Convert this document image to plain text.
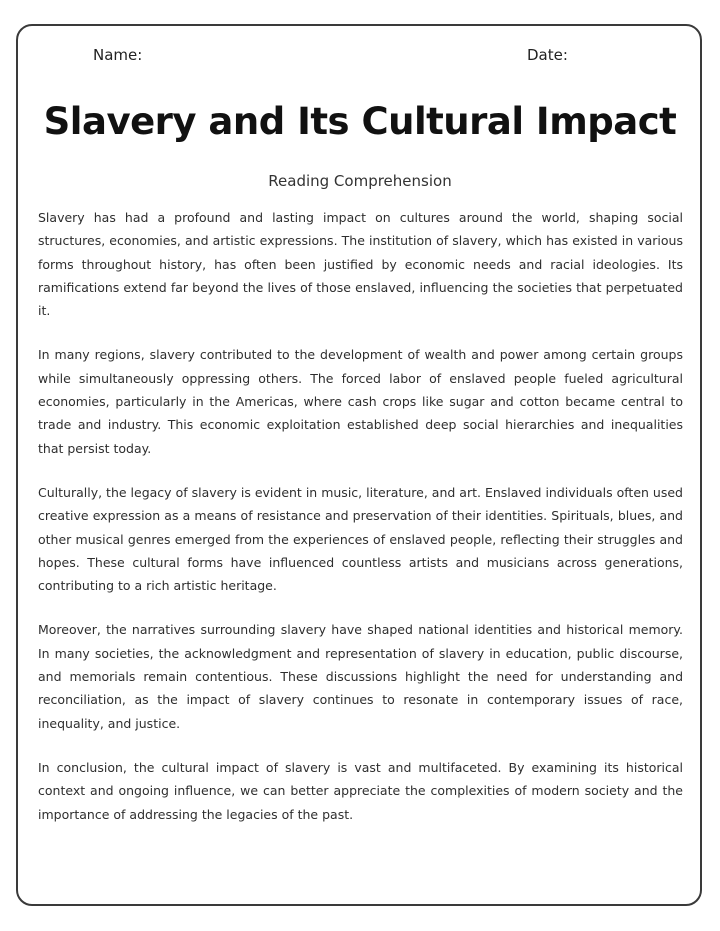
Name:	Date:
Slavery and Its Cultural Impact
Reading Comprehension

Slavery has had a profound and lasting impact on cultures around the world, shaping social structures, economies, and artistic expressions. The institution of slavery, which has existed in various forms throughout history, has often been justified by economic needs and racial ideologies. Its ramifications extend far beyond the lives of those enslaved, influencing the societies that perpetuated it.

In many regions, slavery contributed to the development of wealth and power among certain groups while simultaneously oppressing others. The forced labor of enslaved people fueled agricultural economies, particularly in the Americas, where cash crops like sugar and cotton became central to trade and industry. This economic exploitation established deep social hierarchies and inequalities that persist today.

Culturally, the legacy of slavery is evident in music, literature, and art. Enslaved individuals often used creative expression as a means of resistance and preservation of their identities. Spirituals, blues, and other musical genres emerged from the experiences of enslaved people, reflecting their struggles and hopes. These cultural forms have influenced countless artists and musicians across generations, contributing to a rich artistic heritage.

Moreover, the narratives surrounding slavery have shaped national identities and historical memory. In many societies, the acknowledgment and representation of slavery in education, public discourse, and memorials remain contentious. These discussions highlight the need for understanding and reconciliation, as the impact of slavery continues to resonate in contemporary issues of race, inequality, and justice.

In conclusion, the cultural impact of slavery is vast and multifaceted. By examining its historical context and ongoing influence, we can better appreciate the complexities of modern society and the importance of addressing the legacies of the past.
